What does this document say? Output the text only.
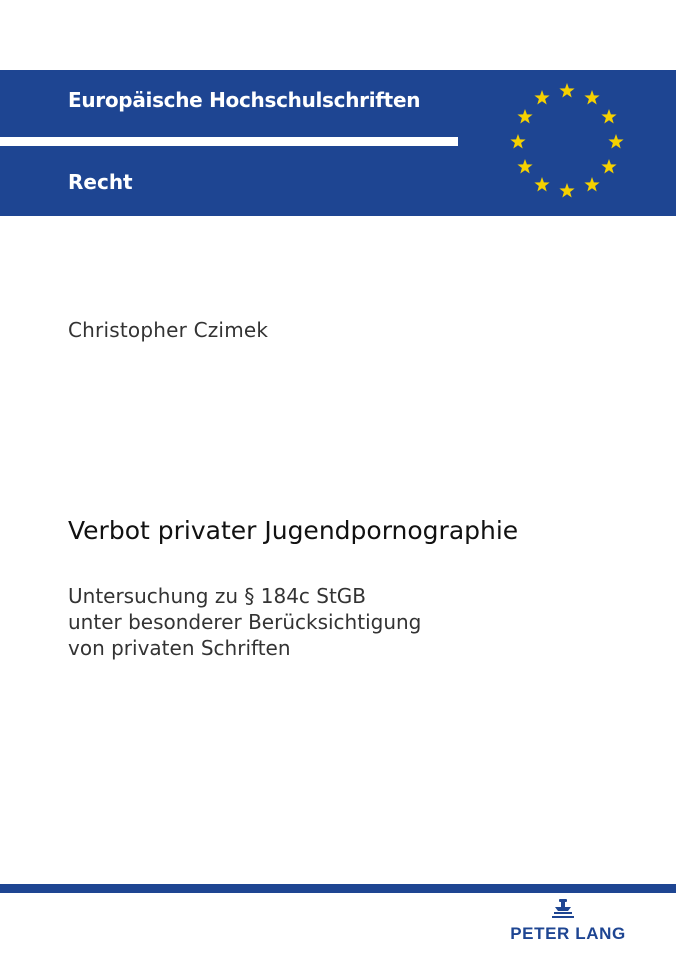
Europäische Hochschulschriften
Recht
Christopher Czimek
Verbot privater Jugendpornographie
Untersuchung zu § 184c StGB
unter besonderer Berücksichtigung
von privaten Schriften
PETER LANG
